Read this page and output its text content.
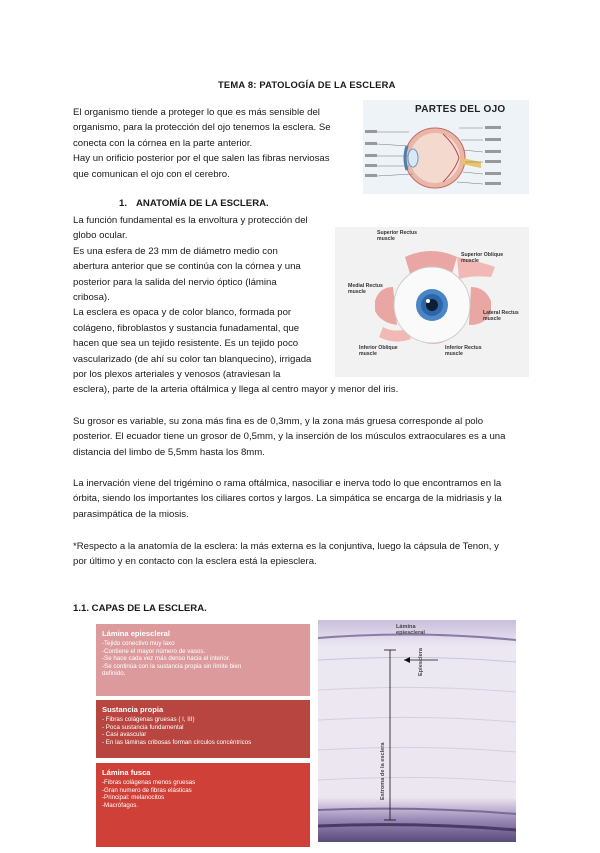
TEMA 8: PATOLOGÍA DE LA ESCLERA

El organismo tiende a proteger lo que es más sensible del

organismo, para la protección del ojo tenemos la esclera. Se

conecta con la córnea en la parte anterior.

Hay un orificio posterior por el que salen las fibras nerviosas

que comunican el ojo con el cerebro.

PARTES DEL OJO
1. ANATOMÍA DE LA ESCLERA.

La función fundamental es la envoltura y protección del

globo ocular.

Es una esfera de 23 mm de diámetro medio con

abertura anterior que se continúa con la córnea y una

posterior para la salida del nervio óptico (lámina

cribosa).

La esclera es opaca y de color blanco, formada por

colágeno, fibroblastos y sustancia funadamental, que

hacen que sea un tejido resistente. Es un tejido poco

vascularizado (de ahí su color tan blanquecino), irrigada

por los plexos arteriales y venosos (atraviesan la

esclera), parte de la arteria oftálmica y llega al centro mayor y menor del iris.

Superior Rectus
muscle
Superior Oblique
muscle
Medial Rectus
muscle
Lateral Rectus
muscle
Inferior Oblique
muscle
Inferior Rectus
muscle

Su grosor es variable, su zona más fina es de 0,3mm, y la zona más gruesa corresponde al polo

posterior. El ecuador tiene un grosor de 0,5mm, y la inserción de los músculos extraoculares es a una

distancia del limbo de 5,5mm hasta los 8mm.

La inervación viene del trigémino o rama oftálmica, nasociliar e inerva todo lo que encontramos en la

órbita, siendo los importantes los ciliares cortos y largos. La simpática se encarga de la midriasis y la

parasimpática de la miosis.

*Respecto a la anatomía de la esclera: la más externa es la conjuntiva, luego la cápsula de Tenon, y

por último y en contacto con la esclera está la epiesclera.

1.1. CAPAS DE LA ESCLERA.

Lámina epiescleral

-Tejido conectivo muy laxo

-Contiene el mayor número de vasos.

-Se hace cada vez más denso hacia el interior.

-Se continúa con la sustancia propia sin límite bien

definido.

Sustancia propia

- Fibras colágenas gruesas ( I, III)

- Poca sustancia fundamental

- Casi avascular

- En las láminas cribosas forman círculos concéntricos

Lámina fusca

-Fibras colágenas menos gruesas

-Gran numero de fibras elásticas

-Principal: melanocitos

-Macrófagos.

Lámina epiescleral
Epiesclera
Estroma de la esclera
